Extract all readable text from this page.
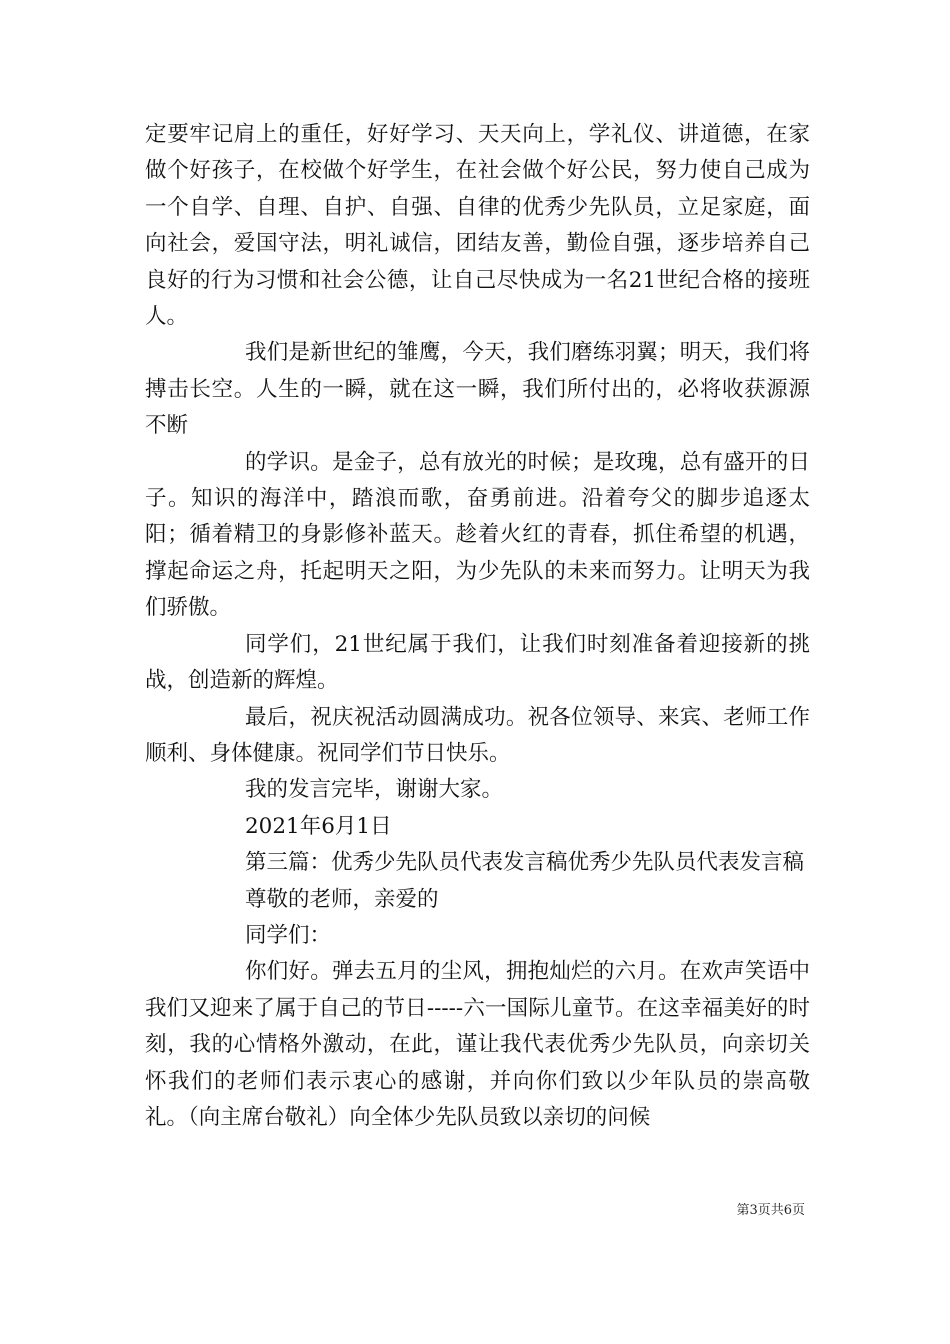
定要牢记肩上的重任，好好学习、天天向上，学礼仪、讲道德，在家做个好孩子，在校做个好学生，在社会做个好公民，努力使自己成为一个自学、自理、自护、自强、自律的优秀少先队员，立足家庭，面向社会，爱国守法，明礼诚信，团结友善，勤俭自强，逐步培养自己良好的行为习惯和社会公德，让自己尽快成为一名21世纪合格的接班人。

我们是新世纪的雏鹰，今天，我们磨练羽翼；明天，我们将搏击长空。人生的一瞬，就在这一瞬，我们所付出的，必将收获源源不断

的学识。是金子，总有放光的时候；是玫瑰，总有盛开的日子。知识的海洋中，踏浪而歌，奋勇前进。沿着夸父的脚步追逐太阳；循着精卫的身影修补蓝天。趁着火红的青春，抓住希望的机遇，撑起命运之舟，托起明天之阳，为少先队的未来而努力。让明天为我们骄傲。

同学们，21世纪属于我们，让我们时刻准备着迎接新的挑战，创造新的辉煌。

最后，祝庆祝活动圆满成功。祝各位领导、来宾、老师工作顺利、身体健康。祝同学们节日快乐。

我的发言完毕，谢谢大家。

2021年6月1日

第三篇：优秀少先队员代表发言稿优秀少先队员代表发言稿

尊敬的老师，亲爱的

同学们：

你们好。弹去五月的尘风，拥抱灿烂的六月。在欢声笑语中我们又迎来了属于自己的节日-----六一国际儿童节。在这幸福美好的时刻，我的心情格外激动，在此，谨让我代表优秀少先队员，向亲切关怀我们的老师们表示衷心的感谢，并向你们致以少年队员的崇高敬礼。（向主席台敬礼）向全体少先队员致以亲切的问候

第3页共6页
